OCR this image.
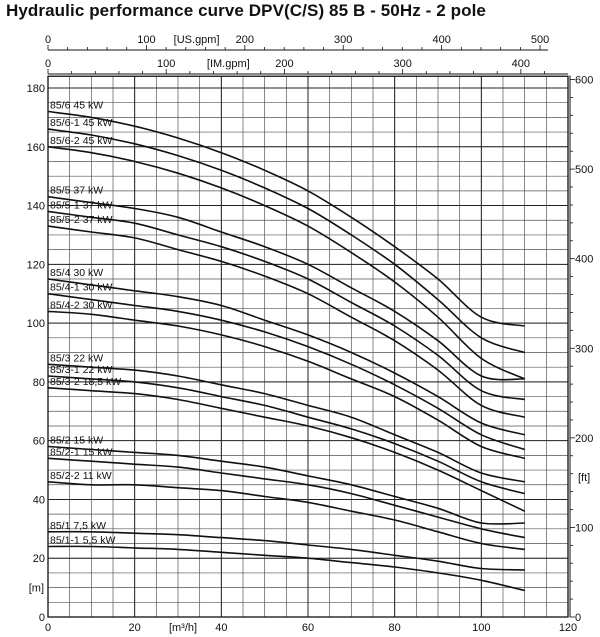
Hydraulic performance curve DPV(C/S) 85 B - 50Hz - 2 pole
0	20	40	60	80	100	120
[m³/h]
0
20
40
60
80
100
120
140
160
180
[m]
0
100
200
300
400
500
600
[ft]
0	100	200	300	400	500
[US.gpm]
0	100	200	300	400
[IM.gpm]
85/6 45 kW
85/6-1 45 kW
85/6-2 45 kW
85/5 37 kW
85/5-1 37 kW
85/5-2 37 kW
85/4 30 kW
85/4-1 30 kW
85/4-2 30 kW
85/3 22 kW
85/3-1 22 kW
85/3-2 18,5 kW
85/2 15 kW
85/2-1 15 kW
85/2-2 11 kW
85/1 7,5 kW
85/1-1 5,5 kW
